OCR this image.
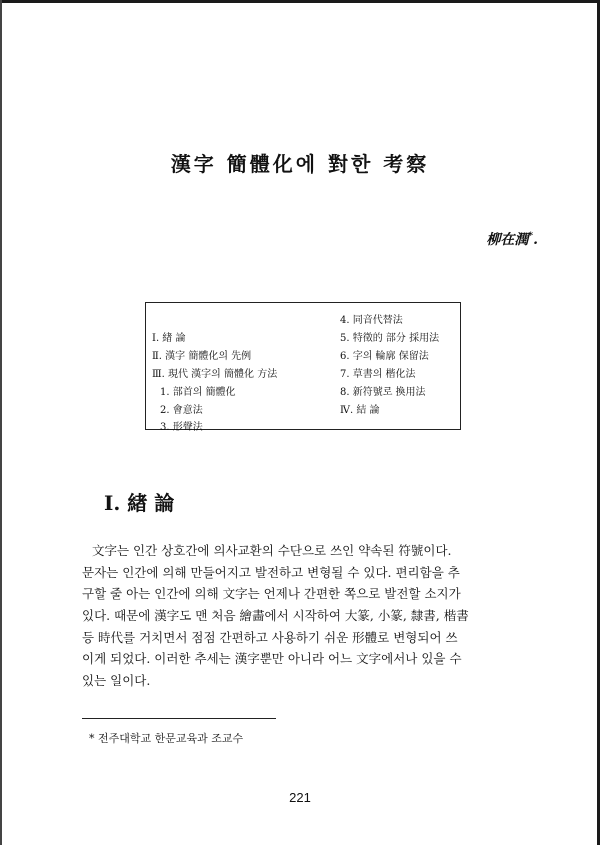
漢字 簡體化에 對한 考察
柳在潤*.
Ⅰ. 緖 論
Ⅱ. 漢字 簡體化의 先例
Ⅲ. 現代 漢字의 簡體化 方法
1. 部首의 簡體化
2. 會意法
3. 形聲法
4. 同音代替法
5. 特徵的 部分 採用法
6. 字의 輪廓 保留法
7. 草書의 楷化法
8. 新符號로 換用法
Ⅳ. 結 論
Ⅰ. 緖 論
文字는 인간 상호간에 의사교환의 수단으로 쓰인 약속된 符號이다.
문자는 인간에 의해 만들어지고 발전하고 변형될 수 있다. 편리함을 추
구할 줄 아는 인간에 의해 文字는 언제나 간편한 쪽으로 발전할 소지가
있다. 때문에 漢字도 맨 처음 繪畵에서 시작하여 大篆, 小篆, 隸書, 楷書
등 時代를 거치면서 점점 간편하고 사용하기 쉬운 形體로 변형되어 쓰
이게 되었다. 이러한 추세는 漢字뿐만 아니라 어느 文字에서나 있을 수
있는 일이다.
* 전주대학교 한문교육과 조교수
221
